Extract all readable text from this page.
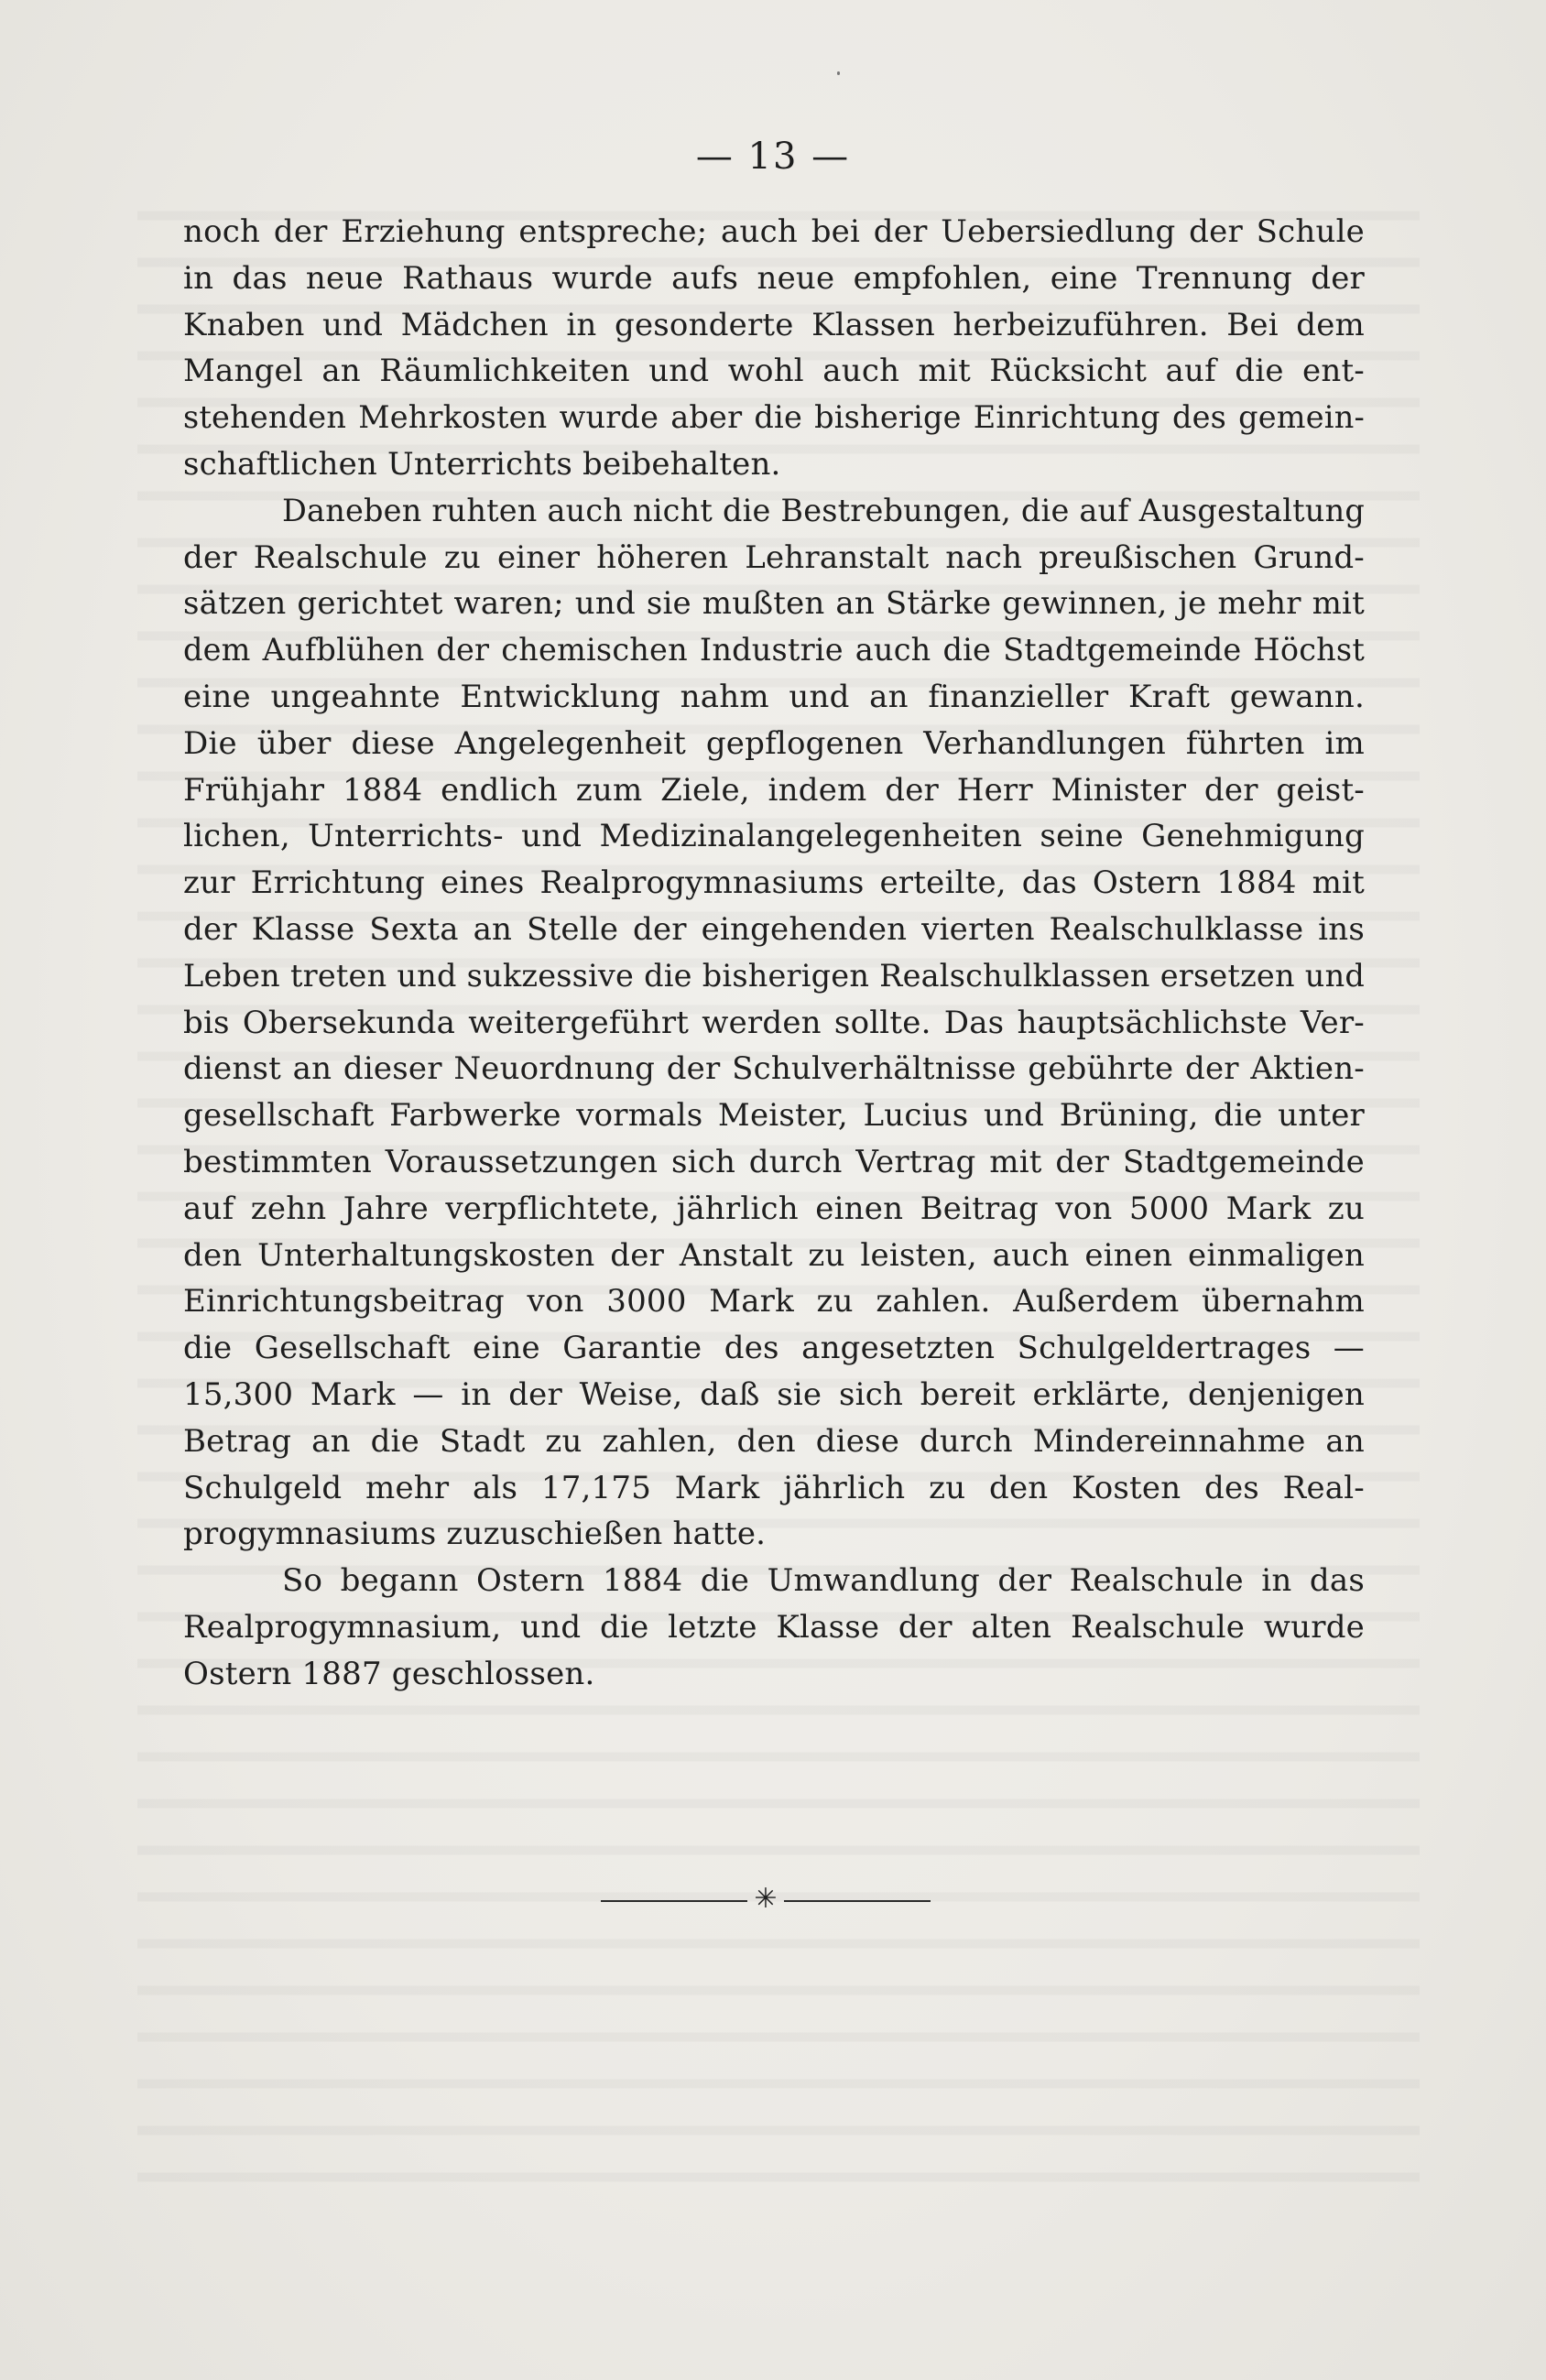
— 13 —
noch der Erziehung entspreche; auch bei der Uebersiedlung der Schule
in das neue Rathaus wurde aufs neue empfohlen, eine Trennung der
Knaben und Mädchen in gesonderte Klassen herbeizuführen. Bei dem
Mangel an Räumlichkeiten und wohl auch mit Rücksicht auf die ent-
stehenden Mehrkosten wurde aber die bisherige Einrichtung des gemein-
schaftlichen Unterrichts beibehalten.
Daneben ruhten auch nicht die Bestrebungen, die auf Ausgestaltung
der Realschule zu einer höheren Lehranstalt nach preußischen Grund-
sätzen gerichtet waren; und sie mußten an Stärke gewinnen, je mehr mit
dem Aufblühen der chemischen Industrie auch die Stadtgemeinde Höchst
eine ungeahnte Entwicklung nahm und an finanzieller Kraft gewann.
Die über diese Angelegenheit gepflogenen Verhandlungen führten im
Frühjahr 1884 endlich zum Ziele, indem der Herr Minister der geist-
lichen, Unterrichts- und Medizinalangelegenheiten seine Genehmigung
zur Errichtung eines Realprogymnasiums erteilte, das Ostern 1884 mit
der Klasse Sexta an Stelle der eingehenden vierten Realschulklasse ins
Leben treten und sukzessive die bisherigen Realschulklassen ersetzen und
bis Obersekunda weitergeführt werden sollte. Das hauptsächlichste Ver-
dienst an dieser Neuordnung der Schulverhältnisse gebührte der Aktien-
gesellschaft Farbwerke vormals Meister, Lucius und Brüning, die unter
bestimmten Voraussetzungen sich durch Vertrag mit der Stadtgemeinde
auf zehn Jahre verpflichtete, jährlich einen Beitrag von 5000 Mark zu
den Unterhaltungskosten der Anstalt zu leisten, auch einen einmaligen
Einrichtungsbeitrag von 3000 Mark zu zahlen. Außerdem übernahm
die Gesellschaft eine Garantie des angesetzten Schulgeldertrages —
15,300 Mark — in der Weise, daß sie sich bereit erklärte, denjenigen
Betrag an die Stadt zu zahlen, den diese durch Mindereinnahme an
Schulgeld mehr als 17,175 Mark jährlich zu den Kosten des Real-
progymnasiums zuzuschießen hatte.
So begann Ostern 1884 die Umwandlung der Realschule in das
Realprogymnasium, und die letzte Klasse der alten Realschule wurde
Ostern 1887 geschlossen.
✳
